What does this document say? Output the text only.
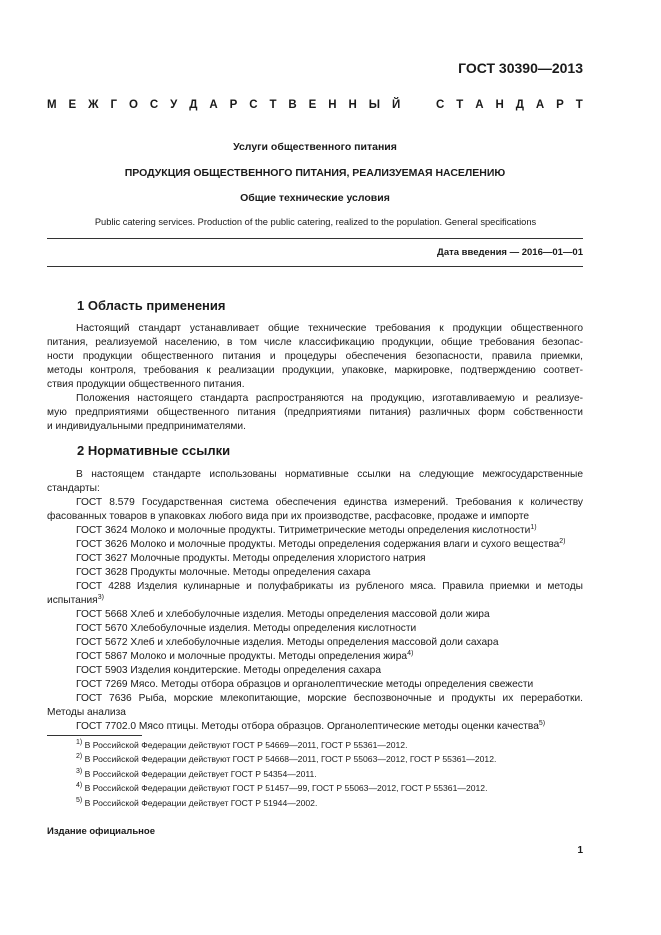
ГОСТ 30390—2013
М Е Ж Г О С У Д А Р С Т В Е Н Н Ы Й	С Т А Н Д А Р Т
Услуги общественного питания
ПРОДУКЦИЯ ОБЩЕСТВЕННОГО ПИТАНИЯ, РЕАЛИЗУЕМАЯ НАСЕЛЕНИЮ
Общие технические условия
Public catering services. Production of the public catering, realized to the population. General specifications
Дата введения — 2016—01—01
1 Область применения
Настоящий стандарт устанавливает общие технические требования к продукции общественного
питания, реализуемой населению, в том числе классификацию продукции, общие требования безопас-
ности продукции общественного питания и процедуры обеспечения безопасности, правила приемки,
методы контроля, требования к реализации продукции, упаковке, маркировке, подтверждению соответ-
ствия продукции общественного питания.
Положения настоящего стандарта распространяются на продукцию, изготавливаемую и реализуе-
мую предприятиями общественного питания (предприятиями питания) различных форм собственности
и индивидуальными предпринимателями.
2 Нормативные ссылки
В настоящем стандарте использованы нормативные ссылки на следующие межгосударственные
стандарты:
ГОСТ 8.579 Государственная система обеспечения единства измерений. Требования к количеству
фасованных товаров в упаковках любого вида при их производстве, расфасовке, продаже и импорте
ГОСТ 3624 Молоко и молочные продукты. Титриметрические методы определения кислотности$^{1)}$
ГОСТ 3626 Молоко и молочные продукты. Методы определения содержания влаги и сухого вещества$^{2)}$
ГОСТ 3627 Молочные продукты. Методы определения хлористого натрия
ГОСТ 3628 Продукты молочные. Методы определения сахара
ГОСТ 4288 Изделия кулинарные и полуфабрикаты из рубленого мяса. Правила приемки и методы
испытания$^{3)}$
ГОСТ 5668 Хлеб и хлебобулочные изделия. Методы определения массовой доли жира
ГОСТ 5670 Хлебобулочные изделия. Методы определения кислотности
ГОСТ 5672 Хлеб и хлебобулочные изделия. Методы определения массовой доли сахара
ГОСТ 5867 Молоко и молочные продукты. Методы определения жира$^{4)}$
ГОСТ 5903 Изделия кондитерские. Методы определения сахара
ГОСТ 7269 Мясо. Методы отбора образцов и органолептические методы определения свежести
ГОСТ 7636 Рыба, морские млекопитающие, морские беспозвоночные и продукты их переработки.
Методы анализа
ГОСТ 7702.0 Мясо птицы. Методы отбора образцов. Органолептические методы оценки качества$^{5)}$
$^{1)}$ В Российской Федерации действуют ГОСТ Р 54669—2011, ГОСТ Р 55361—2012.
$^{2)}$ В Российской Федерации действуют ГОСТ Р 54668—2011, ГОСТ Р 55063—2012, ГОСТ Р 55361—2012.
$^{3)}$ В Российской Федерации действует ГОСТ Р 54354—2011.
$^{4)}$ В Российской Федерации действуют ГОСТ Р 51457—99, ГОСТ Р 55063—2012, ГОСТ Р 55361—2012.
$^{5)}$ В Российской Федерации действует ГОСТ Р 51944—2002.
Издание официальное
1
